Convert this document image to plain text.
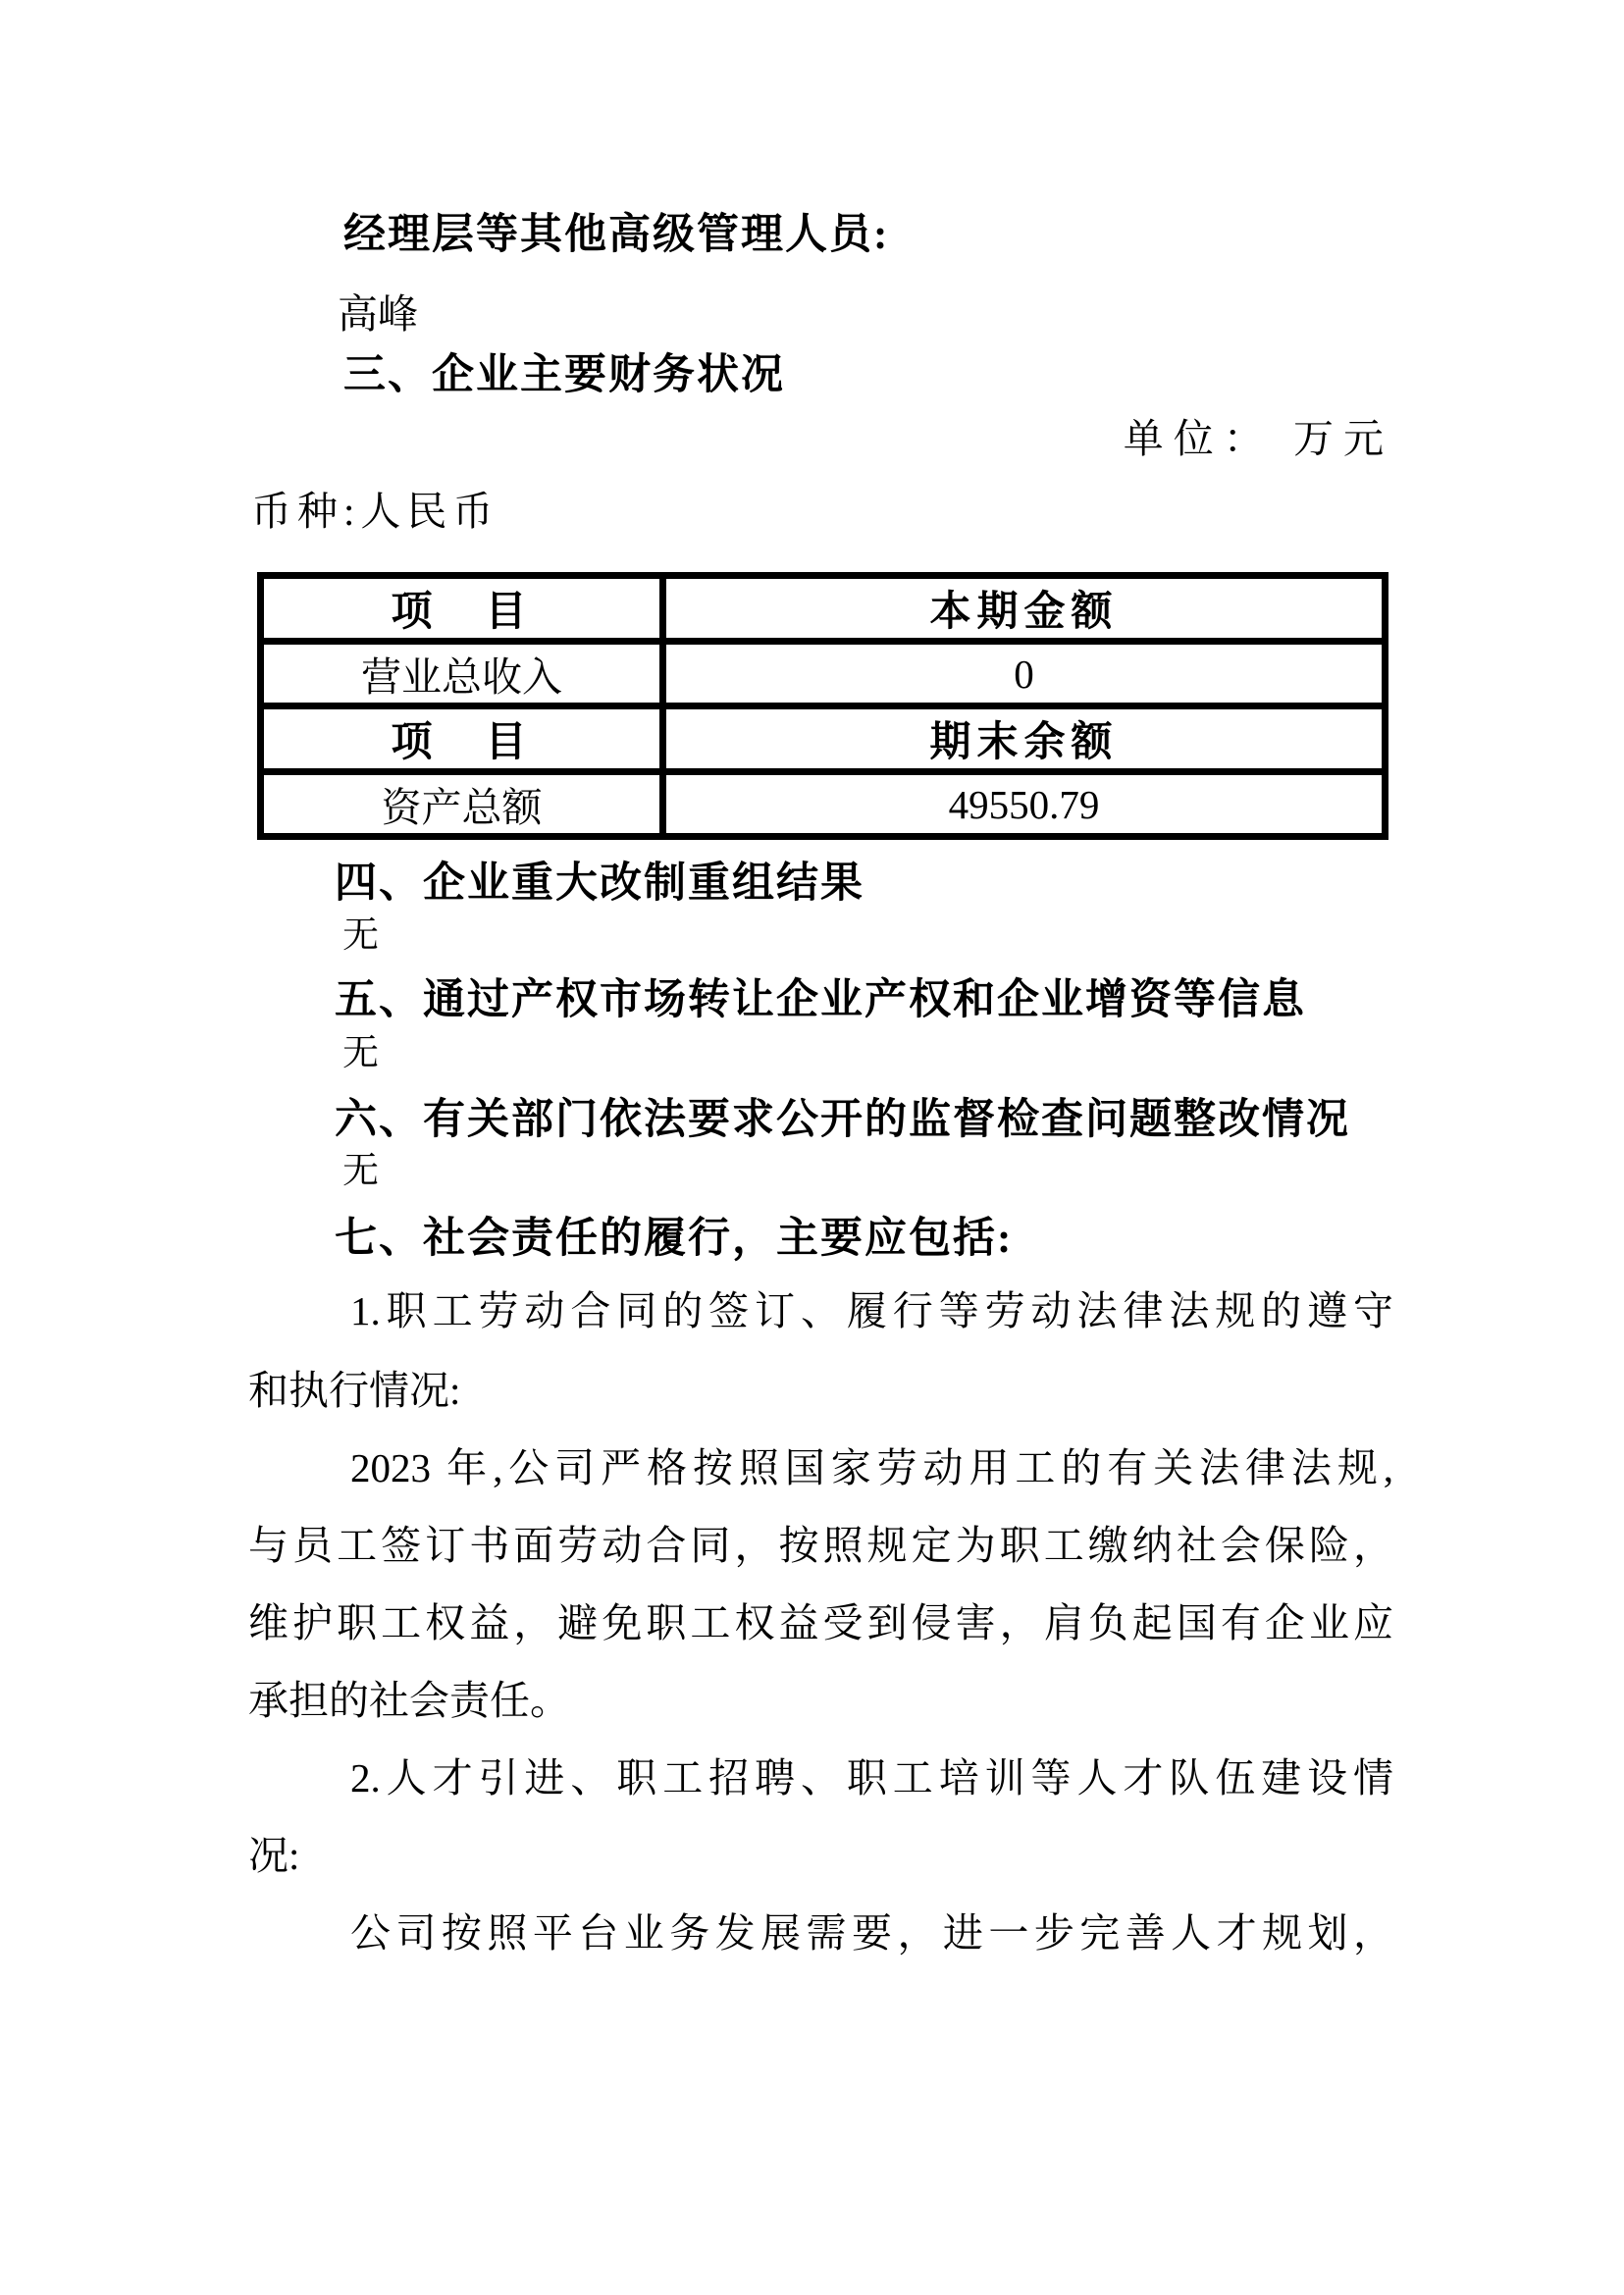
经理层等其他高级管理人员:
高峰
三、企业主要财务状况
单位： 万元
币种:人民币
项　目	本期金额
营业总收入	0
项　目	期末余额
资产总额	49550.79
四、企业重大改制重组结果
无
五、通过产权市场转让企业产权和企业增资等信息
无
六、有关部门依法要求公开的监督检查问题整改情况
无
七、社会责任的履行，主要应包括:
1.职工劳动合同的签订、履行等劳动法律法规的遵守
和执行情况:
2023 年,公司严格按照国家劳动用工的有关法律法规,
与员工签订书面劳动合同，按照规定为职工缴纳社会保险，
维护职工权益，避免职工权益受到侵害，肩负起国有企业应
承担的社会责任。
2.人才引进、职工招聘、职工培训等人才队伍建设情
况:
公司按照平台业务发展需要，进一步完善人才规划，
